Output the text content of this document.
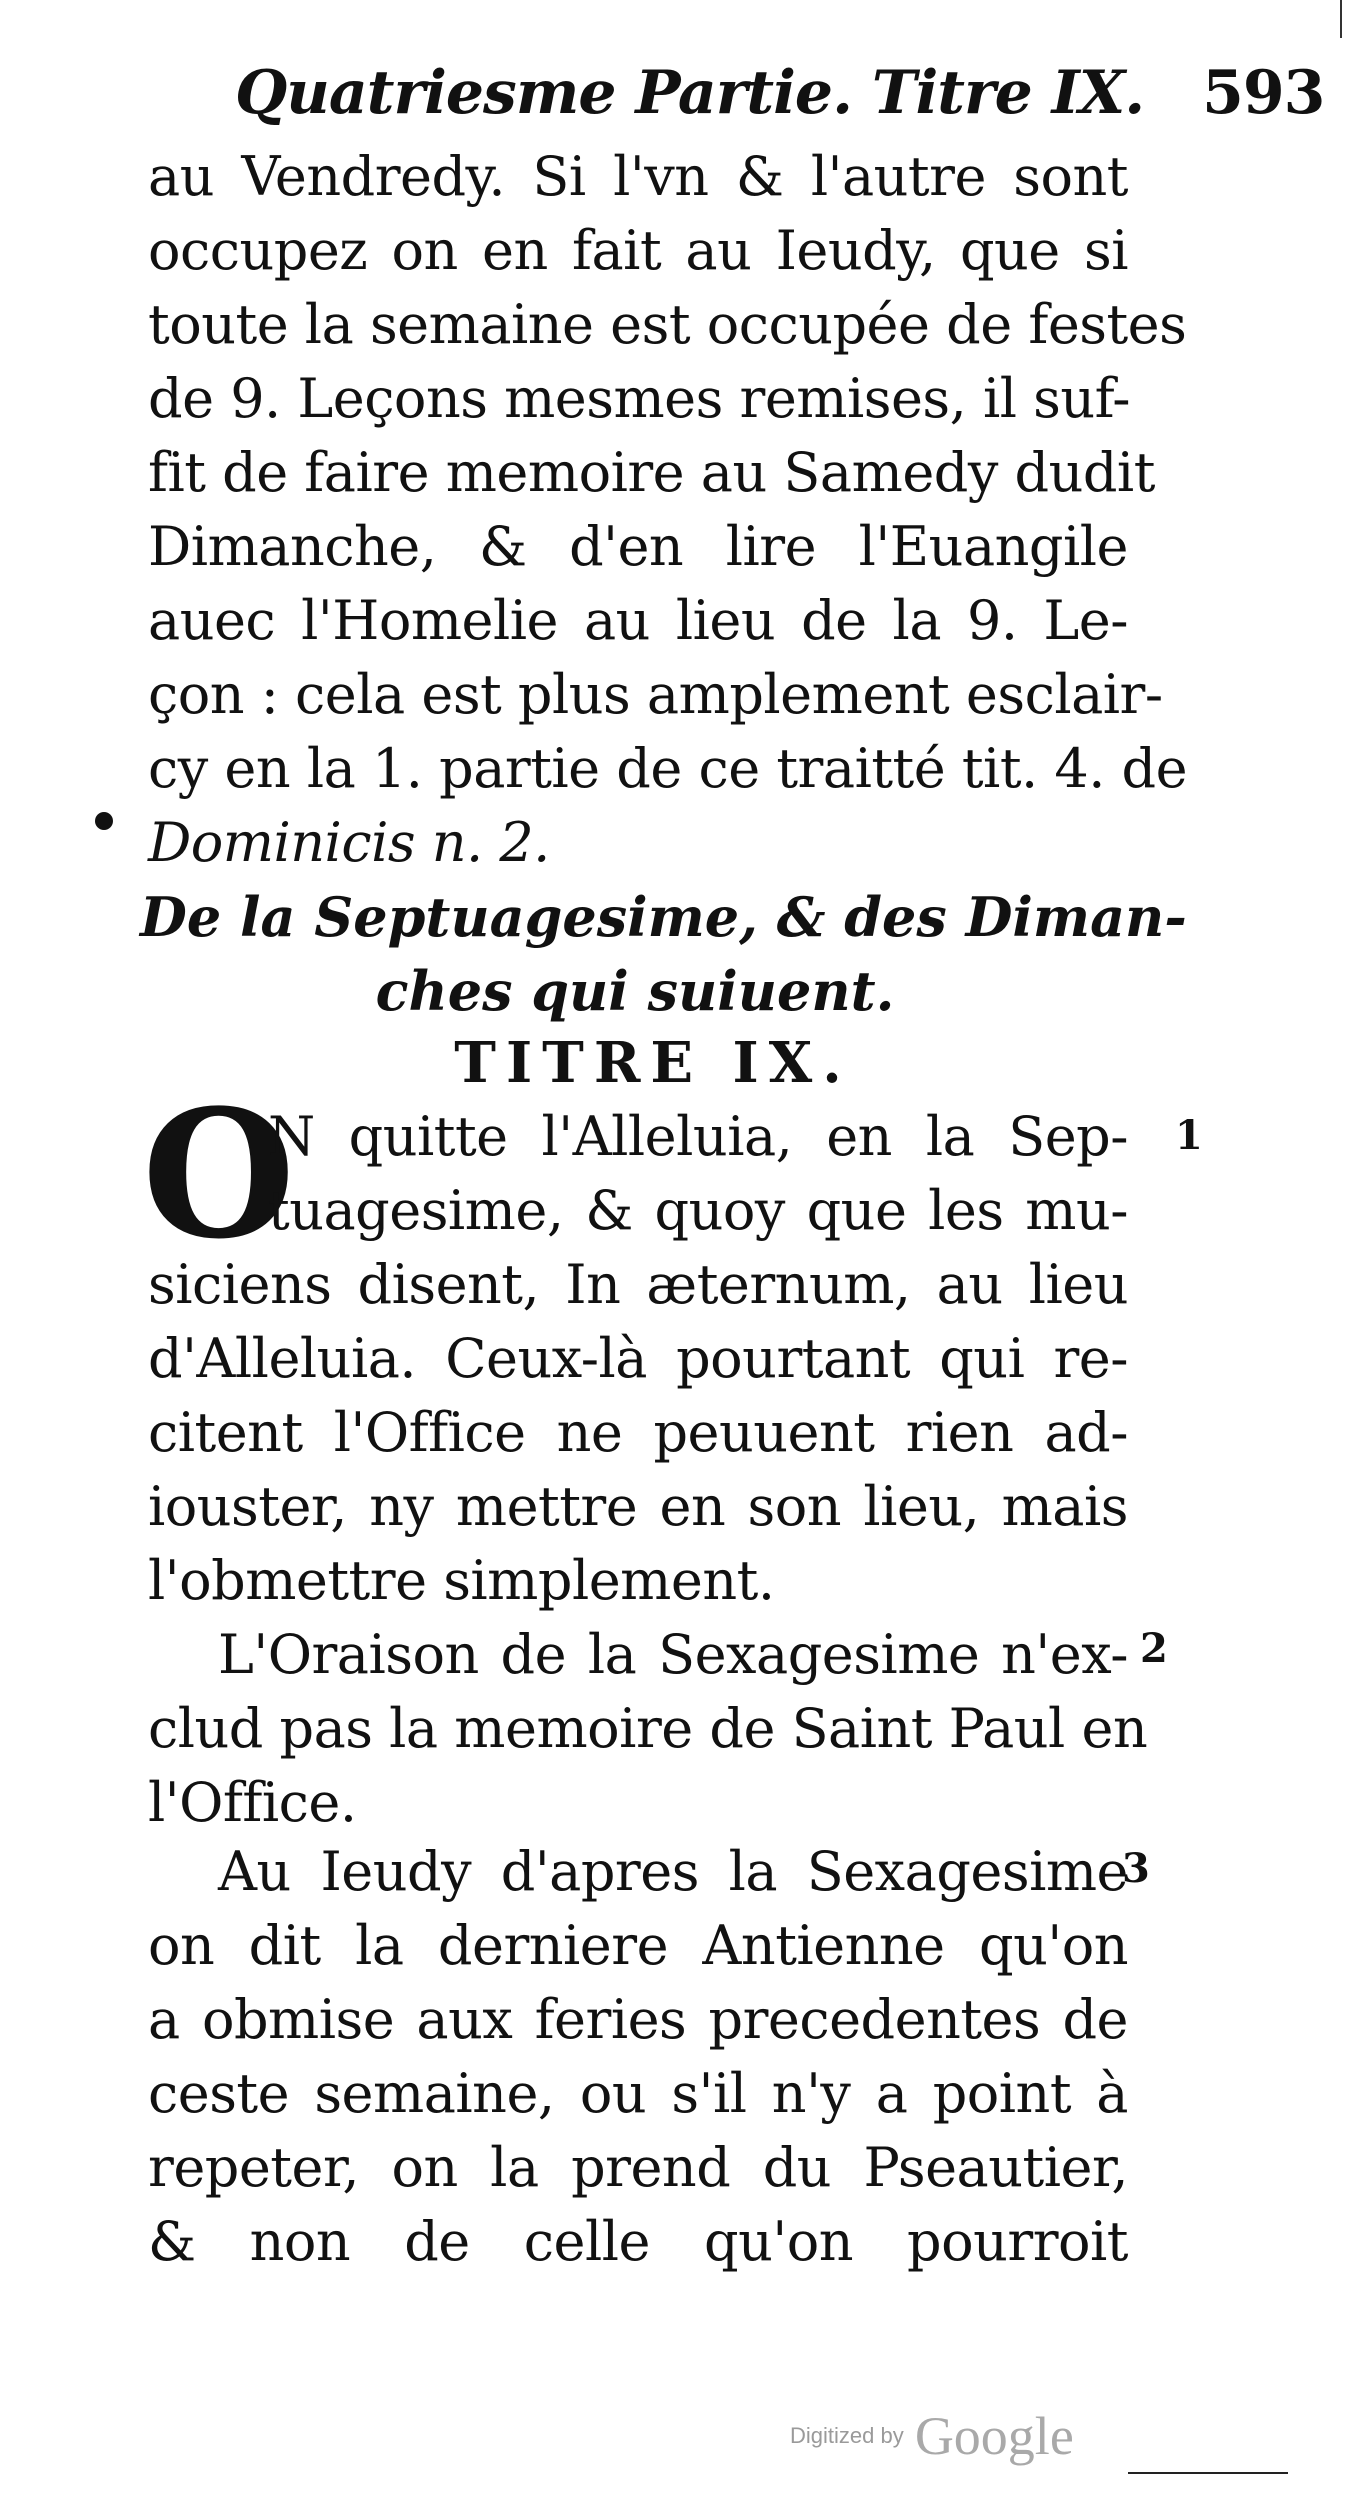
Quatriesme Partie. Titre IX. 593
au Vendredy. Si l'vn & l'autre sont
occupez on en fait au Ieudy, que si
toute la semaine est occupée de festes
de 9. Leçons mesmes remises, il suf-
fit de faire memoire au Samedy dudit
Dimanche, & d'en lire l'Euangile
auec l'Homelie au lieu de la 9. Le-
çon : cela est plus amplement esclair-
cy en la 1. partie de ce traitté tit. 4. de
Dominicis n. 2.
De la Septuagesime, & des Diman-
ches qui suiuent.
TITRE IX.
O
N quitte l'Alleluia, en la Sep-
tuagesime, & quoy que les mu-
siciens disent, In æternum, au lieu
d'Alleluia. Ceux-là pourtant qui re-
citent l'Office ne peuuent rien ad-
iouster, ny mettre en son lieu, mais
l'obmettre simplement.
1
L'Oraison de la Sexagesime n'ex-
clud pas la memoire de Saint Paul en
l'Office.
2
Au Ieudy d'apres la Sexagesime
on dit la derniere Antienne qu'on
a obmise aux feries precedentes de
ceste semaine, ou s'il n'y a point à
repeter, on la prend du Pseautier,
& non de celle qu'on pourroit
3
Digitized by Google
